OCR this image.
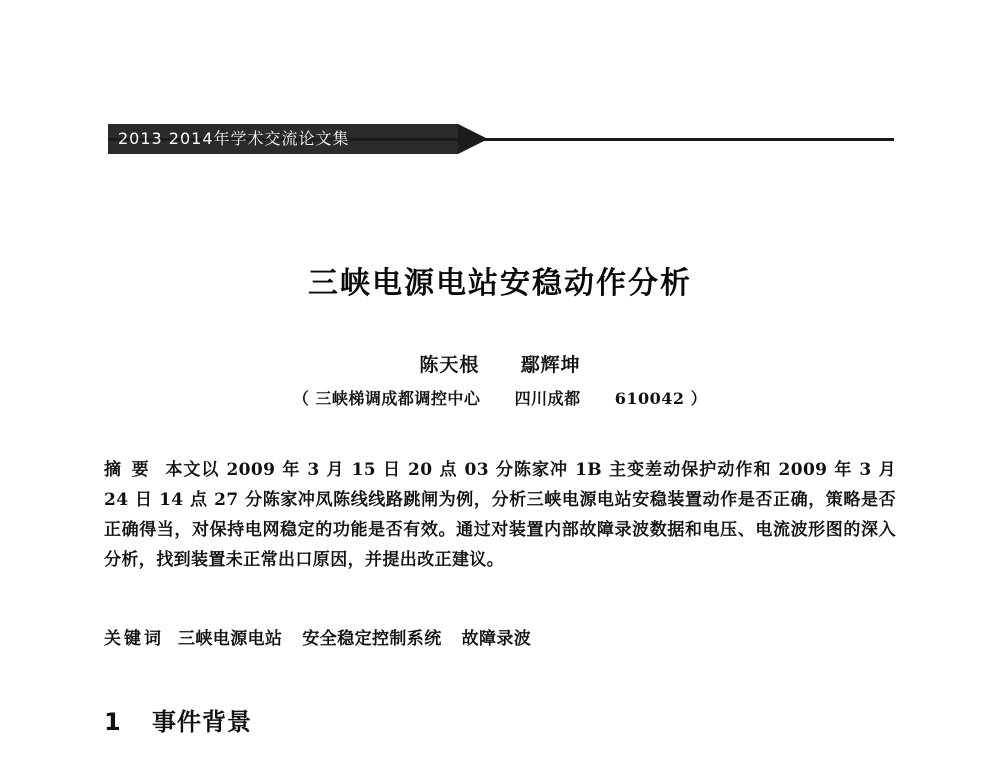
2013 2014年学术交流论文集
三峡电源电站安稳动作分析
陈天根 鄢辉坤
（ 三峡梯调成都调控中心 四川成都 610042 ）
摘要 本文以 2009 年 3 月 15 日 20 点 03 分陈家冲 1B 主变差动保护动作和 2009 年 3 月 24 日 14 点 27 分陈家冲凤陈线线路跳闸为例，分析三峡电源电站安稳装置动作是否正确，策略是否正确得当，对保持电网稳定的功能是否有效。通过对装置内部故障录波数据和电压、电流波形图的深入分析，找到装置未正常出口原因，并提出改正建议。
关键词 三峡电源电站 安全稳定控制系统 故障录波
1 事件背景
